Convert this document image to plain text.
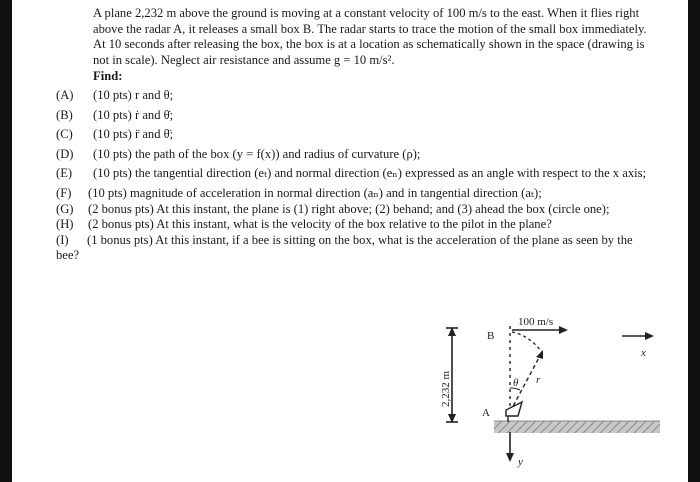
A plane 2,232 m above the ground is moving at a constant velocity of 100 m/s to the east. When it flies right above the radar A, it releases a small box B. The radar starts to trace the motion of the small box immediately. At 10 seconds after releasing the box, the box is at a location as schematically shown in the space (drawing is not in scale). Neglect air resistance and assume g = 10 m/s².

Find:
(A)	(10 pts) r and θ;
(B)	(10 pts) ṙ and θ̇;
(C)	(10 pts) r̈ and θ̈;
(D)	(10 pts) the path of the box (y = f(x)) and radius of curvature (ρ);
(E)	(10 pts) the tangential direction (eₜ) and normal direction (eₙ) expressed as an angle with respect to the x axis;
(F)	(10 pts) magnitude of acceleration in normal direction (aₙ) and in tangential direction (aₜ);
(G)	(2 bonus pts) At this instant, the plane is (1) right above; (2) behand; and (3) ahead the box (circle one);
(H)	(2 bonus pts) At this instant, what is the velocity of the box relative to the pilot in the plane?
(I) (1 bonus pts) At this instant, if a bee is sitting on the box, what is the acceleration of the plane as seen by the bee?
2,232 m
100 m/s
B
θ r
A
y
x
